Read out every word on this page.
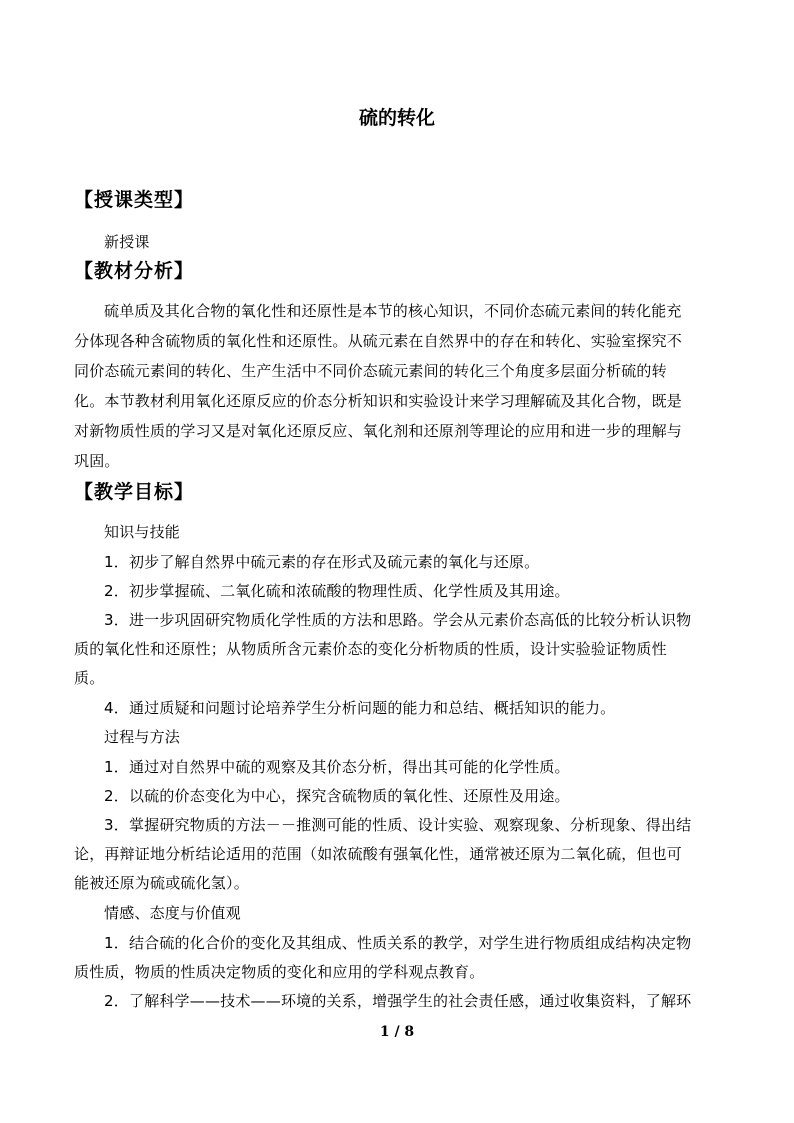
硫的转化
【授课类型】
新授课
【教材分析】
硫单质及其化合物的氧化性和还原性是本节的核心知识，不同价态硫元素间的转化能充
分体现各种含硫物质的氧化性和还原性。从硫元素在自然界中的存在和转化、实验室探究不
同价态硫元素间的转化、生产生活中不同价态硫元素间的转化三个角度多层面分析硫的转
化。本节教材利用氧化还原反应的价态分析知识和实验设计来学习理解硫及其化合物，既是
对新物质性质的学习又是对氧化还原反应、氧化剂和还原剂等理论的应用和进一步的理解与
巩固。
【教学目标】
知识与技能
1．初步了解自然界中硫元素的存在形式及硫元素的氧化与还原。
2．初步掌握硫、二氧化硫和浓硫酸的物理性质、化学性质及其用途。
3．进一步巩固研究物质化学性质的方法和思路。学会从元素价态高低的比较分析认识物
质的氧化性和还原性；从物质所含元素价态的变化分析物质的性质，设计实验验证物质性
质。
4．通过质疑和问题讨论培养学生分析问题的能力和总结、概括知识的能力。
过程与方法
1．通过对自然界中硫的观察及其价态分析，得出其可能的化学性质。
2．以硫的价态变化为中心，探究含硫物质的氧化性、还原性及用途。
3．掌握研究物质的方法－－推测可能的性质、设计实验、观察现象、分析现象、得出结
论，再辩证地分析结论适用的范围（如浓硫酸有强氧化性，通常被还原为二氧化硫，但也可
能被还原为硫或硫化氢）。
情感、态度与价值观
1．结合硫的化合价的变化及其组成、性质关系的教学，对学生进行物质组成结构决定物
质性质，物质的性质决定物质的变化和应用的学科观点教育。
2．了解科学——技术——环境的关系，增强学生的社会责任感，通过收集资料，了解环
1 / 8
